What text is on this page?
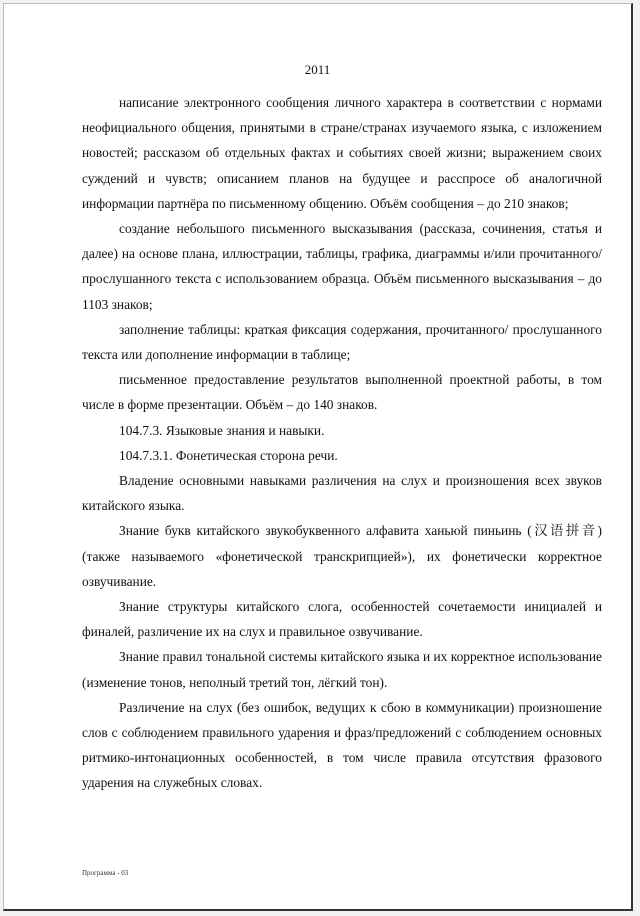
2011

написание электронного сообщения личного характера в соответствии с нормами неофициального общения, принятыми в стране/странах изучаемого языка, с изложением новостей; рассказом об отдельных фактах и событиях своей жизни; выражением своих суждений и чувств; описанием планов на будущее и расспросе об аналогичной информации партнёра по письменному общению. Объём сообщения – до 210 знаков;

создание небольшого письменного высказывания (рассказа, сочинения, статья и далее) на основе плана, иллюстрации, таблицы, графика, диаграммы и/или прочитанного/прослушанного текста с использованием образца. Объём письменного высказывания – до 1103 знаков;

заполнение таблицы: краткая фиксация содержания, прочитанного/ прослушанного текста или дополнение информации в таблице;

письменное предоставление результатов выполненной проектной работы, в том числе в форме презентации. Объём – до 140 знаков.

104.7.3. Языковые знания и навыки.

104.7.3.1. Фонетическая сторона речи.

Владение основными навыками различения на слух и произношения всех звуков китайского языка.

Знание букв китайского звукобуквенного алфавита ханьюй пиньинь (汉语拼音) (также называемого «фонетической транскрипцией»), их фонетически корректное озвучивание.

Знание структуры китайского слога, особенностей сочетаемости инициалей и финалей, различение их на слух и правильное озвучивание.

Знание правил тональной системы китайского языка и их корректное использование (изменение тонов, неполный третий тон, лёгкий тон).

Различение на слух (без ошибок, ведущих к сбою в коммуникации) произношение слов с соблюдением правильного ударения и фраз/предложений с соблюдением основных ритмико-интонационных особенностей, в том числе правила отсутствия фразового ударения на служебных словах.

Программа - 03
